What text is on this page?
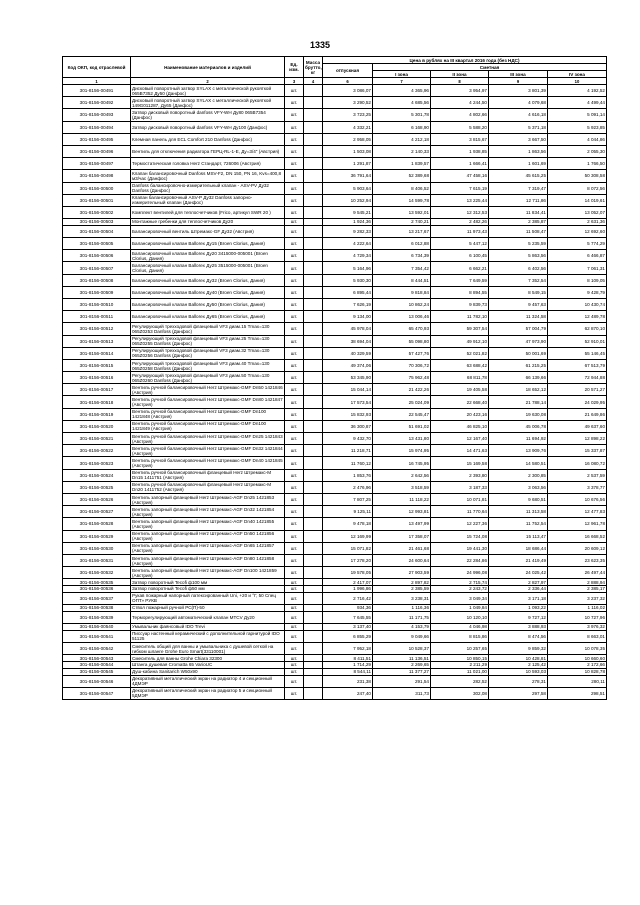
1335
Код ОКП, код отраслевой	Наименование материалов и изделий	Ед. изм.	Масса брутто, кг	Цена в рублях на III квартал 2016 года (без НДС)				
				отпускная	Сметная			
					I зона	II зона	III зона	IV зона
1	2	3	4	6	7	8	9	10
301-8156-00491	Дисковый поворотный затвор SYLAX с металлической рукояткой 065В7352 Ду50 (Данфос)	шт.		3 086,07	4 365,96	3 954,97	3 801,39	4 192,52
301-8156-00492	Дисковый поворотный затвор SYLAX с металлической рукояткой 149G011287, Ду65 (Данфос)	шт.		3 290,52	4 685,56	4 244,50	4 079,68	4 499,44
301-8156-00493	Затвор дисковый поворотный danfoss VFY-WH Ду80 065B7354 (Данфос)	шт.		3 723,25	5 301,78	4 802,66	4 616,18	5 091,14
301-8156-00494	Затвор дисковый поворотный danfoss VFY-WH Ду100 (Данфос)	шт.		4 332,21	6 168,90	5 588,20	5 371,18	5 923,85
301-8156-00495	Клемная панель для ECL Comfort 210 Danfoss (Данфос)	шт.		2 958,05	4 212,18	3 815,67	3 667,50	4 044,86
301-8156-00496	Вентиль для отключения радиатора ГЕРЦ-RL-1-E, Ду=3/4" (Австрия)	шт.		1 503,08	2 140,33	1 938,85	1 863,56	2 055,30
301-8156-00497	Термостатическая головка Herz Стандарт, 726006 (Австрия)	шт.		1 291,87	1 839,57	1 666,41	1 601,69	1 766,50
301-8156-00498	Клапан балансировочный Danfoss MSV-F2, DN 150, PN 16, Kvs=400,8 м3/час (Данфос)	шт.		36 791,64	52 389,68	47 458,16	45 615,25	50 308,58
301-8156-00500	Danfoss балансировочно-измерительный клапан - ASV-PV Ду32 Danfoss (Данфос)	шт.		5 903,64	8 406,52	7 615,19	7 319,47	8 072,56
301-8156-00501	Клапан балансировочный ASV-P Ду32 Danfoss запорно-измерительный клапан (Данфос)	шт.		10 252,94	14 599,78	13 225,44	12 711,86	14 019,61
301-8156-00502	Комплект вентилей для теплосчетчиков (Frico, артикул SWR 20 )	шт.		9 545,21	13 592,01	12 312,53	11 834,41	13 052,07
301-8156-00503	Монтажные гребенки для теплосчетчиков Ду20	шт.		1 924,36	2 740,21	2 482,26	2 385,87	2 631,36
301-8156-00504	Балансировочный вентиль Штремакс-GF Ду32 (Австрия)	шт.		9 282,33	13 217,67	11 973,43	11 508,47	12 692,60
301-8156-00505	Балансировочный клапан Ballorex Ду15 (Broen Clorius, Дания)	шт.		4 222,64	6 012,88	5 447,12	5 235,59	5 774,29
301-8156-00506	Балансировочный клапан Ballorex Ду20 3415000-005001 (Broen Clorius, Дания)	шт.		4 729,34	6 734,39	6 100,45	5 863,56	6 466,87
301-8156-00507	Балансировочный клапан Ballorex Ду25 3515000-005001 (Broen Clorius, Дания)	шт.		5 164,96	7 354,42	6 662,21	6 402,56	7 061,31
301-8156-00508	Балансировочный клапан Ballorex Ду32 (Broen Clorius, Дания)	шт.		5 930,30	8 444,51	7 649,59	7 352,54	8 109,05
301-8156-00509	Балансировочный клапан Ballorex Ду40 (Broen Clorius, Дания)	шт.		6 895,44	9 818,84	8 894,55	8 549,15	9 428,79
301-8156-00510	Балансировочный клапан Ballorex Ду50 (Broen Clorius, Дания)	шт.		7 626,19	10 862,24	9 839,73	9 457,63	10 430,74
301-8156-00511	Балансировочный клапан Ballorex Ду65 (Broen Clorius, Дания)	шт.		9 134,00	13 006,46	11 782,10	11 324,58	12 489,78
301-8156-00512	Регулирующий трехходовой фланцевый VF3 диам.15 Tmax=130 065Z0253 Danfoss (Данфос)	шт.		45 978,04	65 470,93	59 307,54	57 004,79	62 870,10
301-8156-00513	Регулирующий трехходовой фланцевый VF3 диам.25 Tmax=130 065Z0255 Danfoss (Данфос)	шт.		38 694,04	55 098,80	49 912,10	47 973,90	52 910,01
301-8156-00514	Регулирующий трехходовой фланцевый VF3 диам.32 Tmax=130 065Z0256 Danfoss (Данфос)	шт.		40 329,59	57 427,76	52 021,82	50 001,69	55 146,45
301-8156-00515	Регулирующий трехходовой фланцевый VF3 диам.40 Tmax=130 065Z0258 Danfoss (Данфос)	шт.		49 374,06	70 306,72	63 688,42	61 215,25	67 513,79
301-8156-00516	Регулирующий трехходовой фланцевый VF3 диам.50 Tmax=130 065Z0260 Danfoss (Данфос)	шт.		53 345,90	75 962,48	68 811,78	66 139,66	72 944,88
301-8156-00517	Вентиль ручной балансировочный Herz Штремакс-GMF Dn50 1421846 (Австрия)	шт.		15 044,14	21 422,26	19 405,58	18 652,12	20 571,27
301-8156-00518	Вентиль ручной балансировочный Herz Штремакс-GMF Dn80 1421847 (Австрия)	шт.		17 573,54	25 024,09	22 668,40	21 788,14	24 029,95
301-8156-00519	Вентиль ручной балансировочный Herz Штремакс-GMF Dn100 1421848 (Австрия)	шт.		15 832,93	22 545,47	20 423,16	19 630,08	21 649,86
301-8156-00520	Вентиль ручной балансировочный Herz Штремакс-GMF Dn100 1421849 (Австрия)	шт.		36 300,87	51 691,02	46 825,10	45 006,78	49 637,60
301-8156-00521	Вентиль ручной балансировочный Herz Штремакс-GMF Dn25 1421843 (Австрия)	шт.		9 432,70	13 431,80	12 167,40	11 694,92	12 898,22
301-8156-00522	Вентиль ручной балансировочный Herz Штремакс-GMF Dn32 1421844 (Австрия)	шт.		11 218,71	15 974,95	14 471,63	13 909,76	15 337,87
301-8156-00523	Вентиль ручной балансировочный Herz Штремакс-GMF Dn40 1421845 (Австрия)	шт.		11 760,12	16 745,95	15 169,58	14 580,51	16 080,72
301-8156-00524	Вентиль ручной балансировочный фланцевый Herz Штремакс-M Dn15 1411751 (Австрия)	шт.		1 853,76	2 642,56	2 393,80	2 300,85	2 537,59
301-8156-00525	Вентиль ручной балансировочный фланцевый Herz Штремакс-M Dn20 1411752 (Австрия)	шт.		2 476,96	3 518,59	3 187,33	3 063,56	3 378,77
301-8156-00526	Вентиль запорный фланцевый Herz Штремакс-AGF Dn25 1421853 (Австрия)	шт.		7 807,25	11 118,22	10 071,81	9 680,51	10 676,56
301-8156-00527	Вентиль запорный фланцевый Herz Штремакс-AGF Dn32 1421854 (Австрия)	шт.		9 125,11	12 993,81	11 770,64	11 313,58	12 477,83
301-8156-00528	Вентиль запорный фланцевый Herz Штремакс-AGF Dn40 1421855 (Австрия)	шт.		9 478,18	13 497,99	12 227,36	11 752,54	12 961,78
301-8156-00529	Вентиль запорный фланцевый Herz Штремакс-AGF Dn50 1421856 (Австрия)	шт.		12 169,99	17 358,07	15 724,08	15 113,47	16 668,52
301-8156-00530	Вентиль запорный фланцевый Herz Штремакс-AGF Dn65 1421857 (Австрия)	шт.		15 071,82	21 461,68	19 441,30	18 686,44	20 609,12
301-8156-00531	Вентиль запорный фланцевый Herz Штремакс-AGF Dn80 1421858 (Австрия)	шт.		17 278,20	24 600,64	22 284,86	21 419,49	23 623,35
301-8156-00532	Вентиль запорный фланцевый Herz Штремакс-AGF Dn100 1421859 (Австрия)	шт.		19 578,05	27 903,59	24 996,08	24 025,42	26 497,44
301-8156-00535	Затвор поворотный Tecofi ф100 мм	шт.		2 417,07	2 897,82	2 715,74	2 827,97	2 888,94
301-8156-00536	Затвор поворотный Tecofi ф50 мм	шт.		1 996,86	2 385,59	2 243,72	2 336,44	2 385,17
301-8156-00537	Рукав пожарный напорный латексированный Uni, +20 и °Г, 50 Спец ОПТ» РУКВ	шт.		2 716,42	3 238,31	3 049,34	3 171,18	3 237,32
301-8156-00538	Ствол пожарный ручной РС(П)-50	шт.		934,36	1 116,36	1 049,84	1 093,22	1 116,02
301-8156-00539	Терморегулирующий автоматический клапан MTCV Ду20	шт.		7 645,55	11 171,75	10 120,10	9 727,12	10 727,96
301-8156-00540	Умывальник фаянсовый IDO Trevi	шт.		3 137,40	4 153,79	4 046,98	3 888,93	3 976,32
301-8156-00541	Писсуар настенный керамический с дополнительной гарнитурой IDO 51125	шт.		6 855,29	9 049,66	8 815,86	8 474,56	8 663,01
301-8156-00542	Смеситель общий для ванны и умывальника с душевой сеткой на гибком шланге Grohe Euro Smart(33110001)	шт.		7 952,18	10 528,37	10 257,65	9 859,32	10 078,35
301-8156-00543	Смеситель для ванны Grohe Chiara 32300	шт.		8 411,51	11 136,51	10 850,15	10 428,81	10 660,60
301-8156-00544	Штанга душевая Cromatta 65 VarioUC	шт.		1 714,29	2 269,65	2 211,29	2 125,42	2 172,66
301-8156-00545	Душ-кабина Sanitarich W50x90	шт.		8 544,11	11 377,27	11 021,00	10 593,03	10 828,78
301-8156-00546	Декоративный металлический экран на радиатор 4 и секционный 4ДМЭР	шт.		231,38	291,54	282,52	278,31	280,11
301-8156-00547	Декоративный металлический экран на радиатор 5 и секционный 5ДМЭР	шт.		247,40	311,73	302,08	297,58	298,51
